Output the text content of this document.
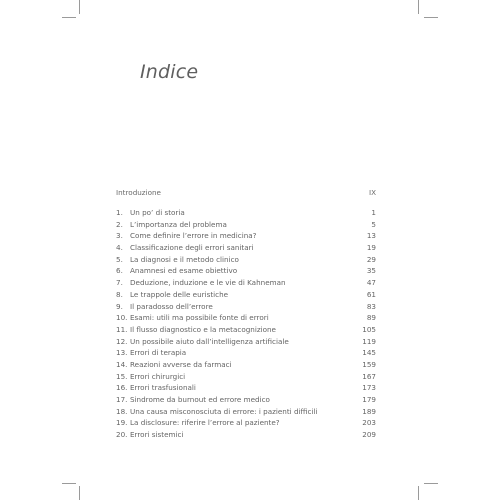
Indice
Introduzione	IX
1. Un po’ di storia	1
2. L’importanza del problema	5
3. Come definire l’errore in medicina?	13
4. Classificazione degli errori sanitari	19
5. La diagnosi e il metodo clinico	29
6. Anamnesi ed esame obiettivo	35
7. Deduzione, induzione e le vie di Kahneman	47
8. Le trappole delle euristiche	61
9. Il paradosso dell’errore	83
10. Esami: utili ma possibile fonte di errori	89
11. Il flusso diagnostico e la metacognizione	105
12. Un possibile aiuto dall’intelligenza artificiale	119
13. Errori di terapia	145
14. Reazioni avverse da farmaci	159
15. Errori chirurgici	167
16. Errori trasfusionali	173
17. Sindrome da burnout ed errore medico	179
18. Una causa misconosciuta di errore: i pazienti difficili	189
19. La disclosure: riferire l’errore al paziente?	203
20. Errori sistemici	209
